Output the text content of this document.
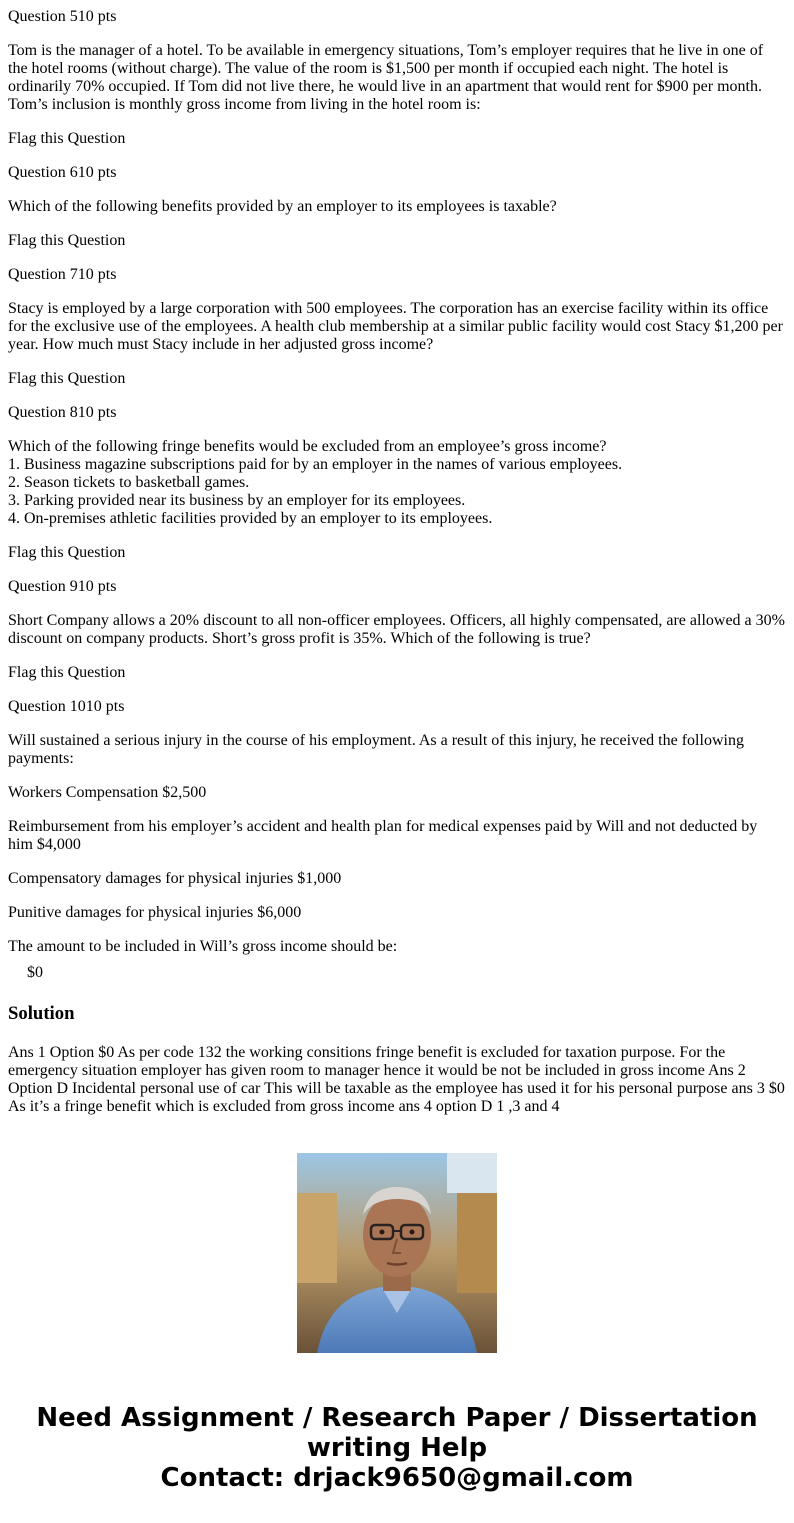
Question 510 pts

Tom is the manager of a hotel. To be available in emergency situations, Tom’s employer requires that he live in one of the hotel rooms (without charge). The value of the room is $1,500 per month if occupied each night. The hotel is ordinarily 70% occupied. If Tom did not live there, he would live in an apartment that would rent for $900 per month. Tom’s inclusion is monthly gross income from living in the hotel room is:

Flag this Question

Question 610 pts

Which of the following benefits provided by an employer to its employees is taxable?

Flag this Question

Question 710 pts

Stacy is employed by a large corporation with 500 employees. The corporation has an exercise facility within its office for the exclusive use of the employees. A health club membership at a similar public facility would cost Stacy $1,200 per year. How much must Stacy include in her adjusted gross income?

Flag this Question

Question 810 pts

Which of the following fringe benefits would be excluded from an employee’s gross income?
1. Business magazine subscriptions paid for by an employer in the names of various employees.
2. Season tickets to basketball games.
3. Parking provided near its business by an employer for its employees.
4. On-premises athletic facilities provided by an employer to its employees.

Flag this Question

Question 910 pts

Short Company allows a 20% discount to all non-officer employees. Officers, all highly compensated, are allowed a 30% discount on company products. Short’s gross profit is 35%. Which of the following is true?

Flag this Question

Question 1010 pts

Will sustained a serious injury in the course of his employment. As a result of this injury, he received the following payments:

Workers Compensation $2,500

Reimbursement from his employer’s accident and health plan for medical expenses paid by Will and not deducted by him $4,000

Compensatory damages for physical injuries $1,000

Punitive damages for physical injuries $6,000

The amount to be included in Will’s gross income should be:

$0
Solution

Ans 1 Option $0 As per code 132 the working consitions fringe benefit is excluded for taxation purpose. For the emergency situation employer has given room to manager hence it would be not be included in gross income Ans 2 Option D Incidental personal use of car This will be taxable as the employee has used it for his personal purpose ans 3 $0 As it’s a fringe benefit which is excluded from gross income ans 4 option D 1 ,3 and 4

Need Assignment / Research Paper / Dissertation
writing Help
Contact: drjack9650@gmail.com
